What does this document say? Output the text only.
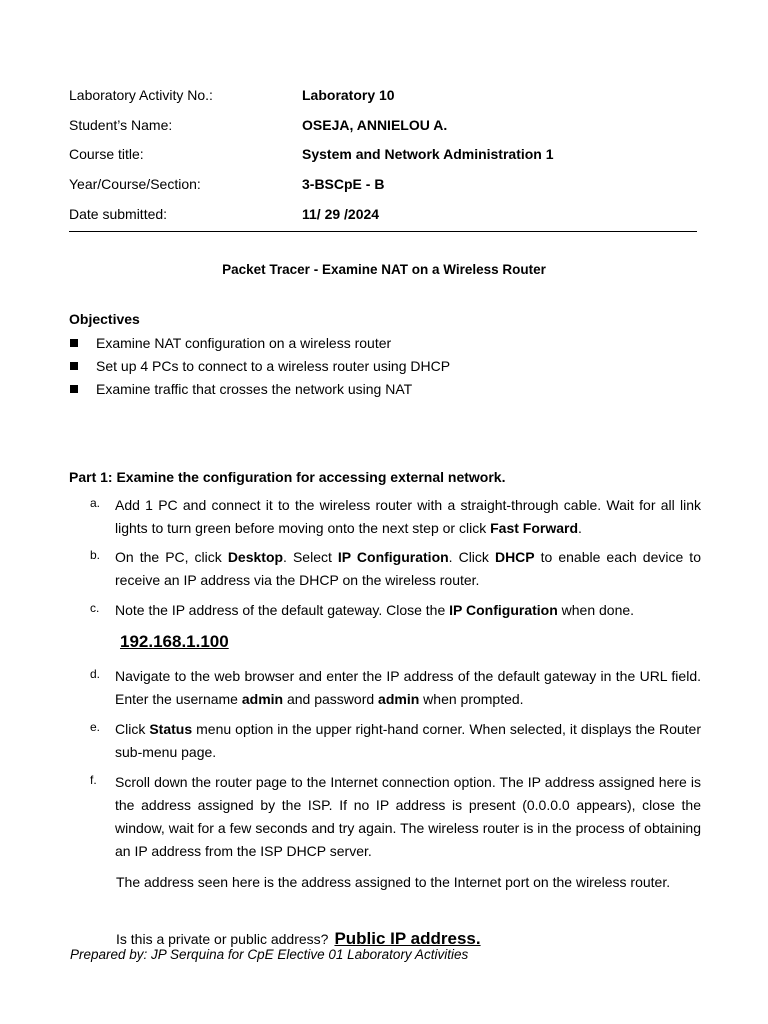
Laboratory Activity No.:	Laboratory 10
Student’s Name:	OSEJA, ANNIELOU A.
Course title:	System and Network Administration 1
Year/Course/Section:	3-BSCpE - B
Date submitted:	11/ 29 /2024
Packet Tracer - Examine NAT on a Wireless Router
Objectives
Examine NAT configuration on a wireless router
Set up 4 PCs to connect to a wireless router using DHCP
Examine traffic that crosses the network using NAT
Part 1: Examine the configuration for accessing external network.
a. Add 1 PC and connect it to the wireless router with a straight-through cable. Wait for all link lights to turn green before moving onto the next step or click Fast Forward.
b. On the PC, click Desktop. Select IP Configuration. Click DHCP to enable each device to receive an IP address via the DHCP on the wireless router.
c. Note the IP address of the default gateway. Close the IP Configuration when done.
192.168.1.100
d. Navigate to the web browser and enter the IP address of the default gateway in the URL field. Enter the username admin and password admin when prompted.
e. Click Status menu option in the upper right-hand corner. When selected, it displays the Router sub-menu page.
f. Scroll down the router page to the Internet connection option. The IP address assigned here is the address assigned by the ISP. If no IP address is present (0.0.0.0 appears), close the window, wait for a few seconds and try again. The wireless router is in the process of obtaining an IP address from the ISP DHCP server.
The address seen here is the address assigned to the Internet port on the wireless router.
Is this a private or public address? Public IP address.
Prepared by: JP Serquina for CpE Elective 01 Laboratory Activities
